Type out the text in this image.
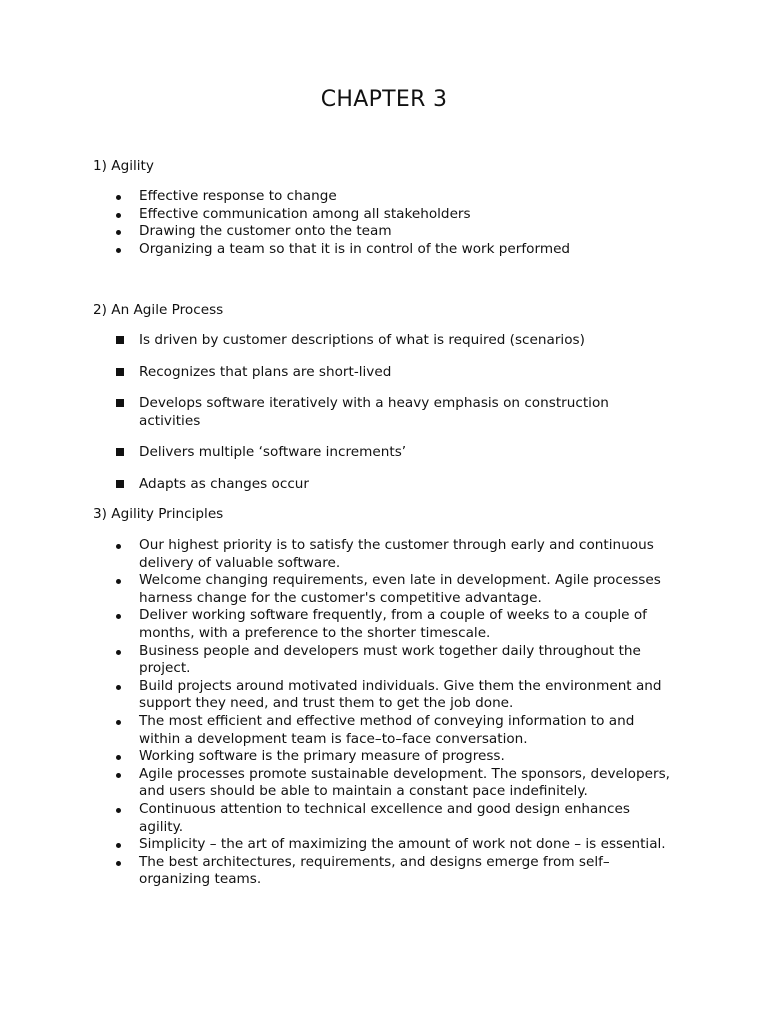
CHAPTER 3
1) Agility
Effective response to change
Effective communication among all stakeholders
Drawing the customer onto the team
Organizing a team so that it is in control of the work performed
2) An Agile Process
Is driven by customer descriptions of what is required (scenarios)
Recognizes that plans are short-lived
Develops software iteratively with a heavy emphasis on construction activities
Delivers multiple ‘software increments’
Adapts as changes occur
3) Agility Principles
Our highest priority is to satisfy the customer through early and continuous delivery of valuable software.
Welcome changing requirements, even late in development. Agile processes harness change for the customer's competitive advantage.
Deliver working software frequently, from a couple of weeks to a couple of months, with a preference to the shorter timescale.
Business people and developers must work together daily throughout the project.
Build projects around motivated individuals. Give them the environment and support they need, and trust them to get the job done.
The most efficient and effective method of conveying information to and within a development team is face–to–face conversation.
Working software is the primary measure of progress.
Agile processes promote sustainable development. The sponsors, developers, and users should be able to maintain a constant pace indefinitely.
Continuous attention to technical excellence and good design enhances agility.
Simplicity – the art of maximizing the amount of work not done – is essential.
The best architectures, requirements, and designs emerge from self–organizing teams.
